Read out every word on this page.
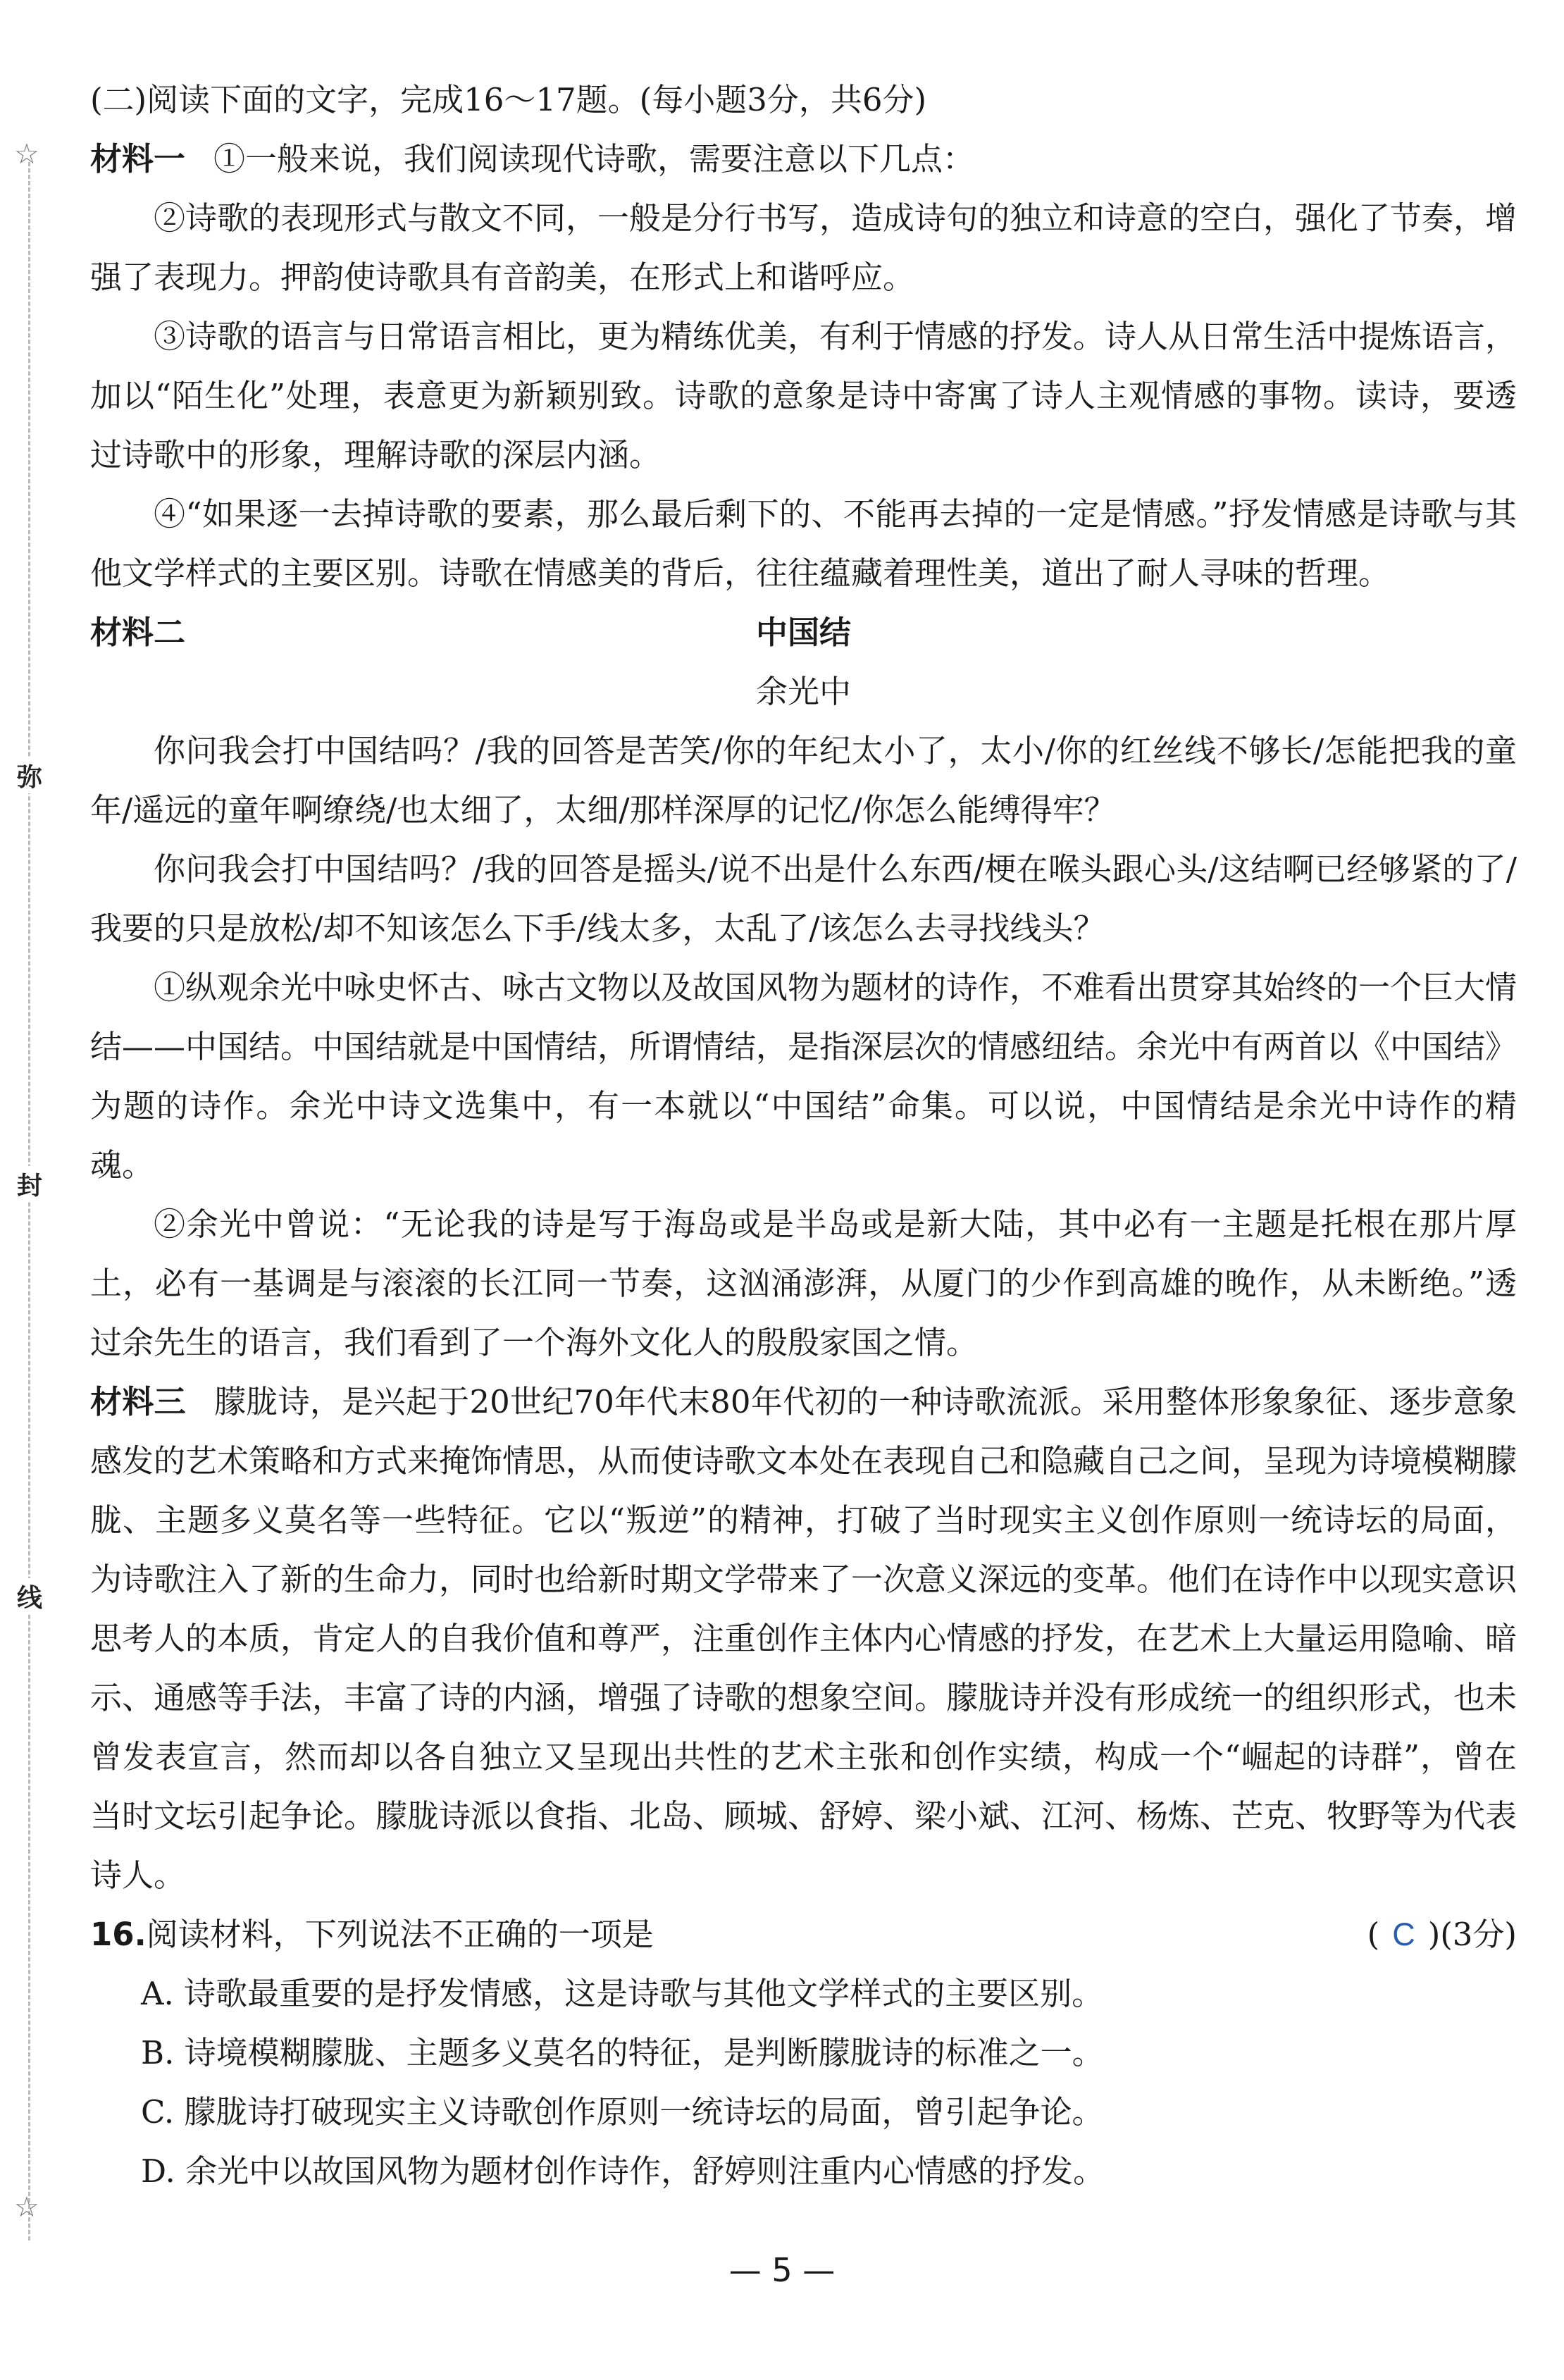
☆
弥
封
线
☆

(二)阅读下面的文字，完成16～17题。(每小题3分，共6分)

材料一 ①一般来说，我们阅读现代诗歌，需要注意以下几点：

②诗歌的表现形式与散文不同，一般是分行书写，造成诗句的独立和诗意的空白，强化了节奏，增强了表现力。押韵使诗歌具有音韵美，在形式上和谐呼应。

③诗歌的语言与日常语言相比，更为精练优美，有利于情感的抒发。诗人从日常生活中提炼语言，加以“陌生化”处理，表意更为新颖别致。诗歌的意象是诗中寄寓了诗人主观情感的事物。读诗，要透过诗歌中的形象，理解诗歌的深层内涵。

④“如果逐一去掉诗歌的要素，那么最后剩下的、不能再去掉的一定是情感。”抒发情感是诗歌与其他文学样式的主要区别。诗歌在情感美的背后，往往蕴藏着理性美，道出了耐人寻味的哲理。

材料二	中国结

余光中

你问我会打中国结吗？/我的回答是苦笑/你的年纪太小了，太小/你的红丝线不够长/怎能把我的童年/遥远的童年啊缭绕/也太细了，太细/那样深厚的记忆/你怎么能缚得牢？

你问我会打中国结吗？/我的回答是摇头/说不出是什么东西/梗在喉头跟心头/这结啊已经够紧的了/我要的只是放松/却不知该怎么下手/线太多，太乱了/该怎么去寻找线头？

①纵观余光中咏史怀古、咏古文物以及故国风物为题材的诗作，不难看出贯穿其始终的一个巨大情结——中国结。中国结就是中国情结，所谓情结，是指深层次的情感纽结。余光中有两首以《中国结》为题的诗作。余光中诗文选集中，有一本就以“中国结”命集。可以说，中国情结是余光中诗作的精魂。

②余光中曾说：“无论我的诗是写于海岛或是半岛或是新大陆，其中必有一主题是托根在那片厚土，必有一基调是与滚滚的长江同一节奏，这汹涌澎湃，从厦门的少作到高雄的晚作，从未断绝。”透过余先生的语言，我们看到了一个海外文化人的殷殷家国之情。

材料三 朦胧诗，是兴起于20世纪70年代末80年代初的一种诗歌流派。采用整体形象象征、逐步意象感发的艺术策略和方式来掩饰情思，从而使诗歌文本处在表现自己和隐藏自己之间，呈现为诗境模糊朦胧、主题多义莫名等一些特征。它以“叛逆”的精神，打破了当时现实主义创作原则一统诗坛的局面，为诗歌注入了新的生命力，同时也给新时期文学带来了一次意义深远的变革。他们在诗作中以现实意识思考人的本质，肯定人的自我价值和尊严，注重创作主体内心情感的抒发，在艺术上大量运用隐喻、暗示、通感等手法，丰富了诗的内涵，增强了诗歌的想象空间。朦胧诗并没有形成统一的组织形式，也未曾发表宣言，然而却以各自独立又呈现出共性的艺术主张和创作实绩，构成一个“崛起的诗群”，曾在当时文坛引起争论。朦胧诗派以食指、北岛、顾城、舒婷、梁小斌、江河、杨炼、芒克、牧野等为代表诗人。

16.阅读材料，下列说法不正确的一项是	( C )(3分)

A. 诗歌最重要的是抒发情感，这是诗歌与其他文学样式的主要区别。

B. 诗境模糊朦胧、主题多义莫名的特征，是判断朦胧诗的标准之一。

C. 朦胧诗打破现实主义诗歌创作原则一统诗坛的局面，曾引起争论。

D. 余光中以故国风物为题材创作诗作，舒婷则注重内心情感的抒发。

— 5 —
